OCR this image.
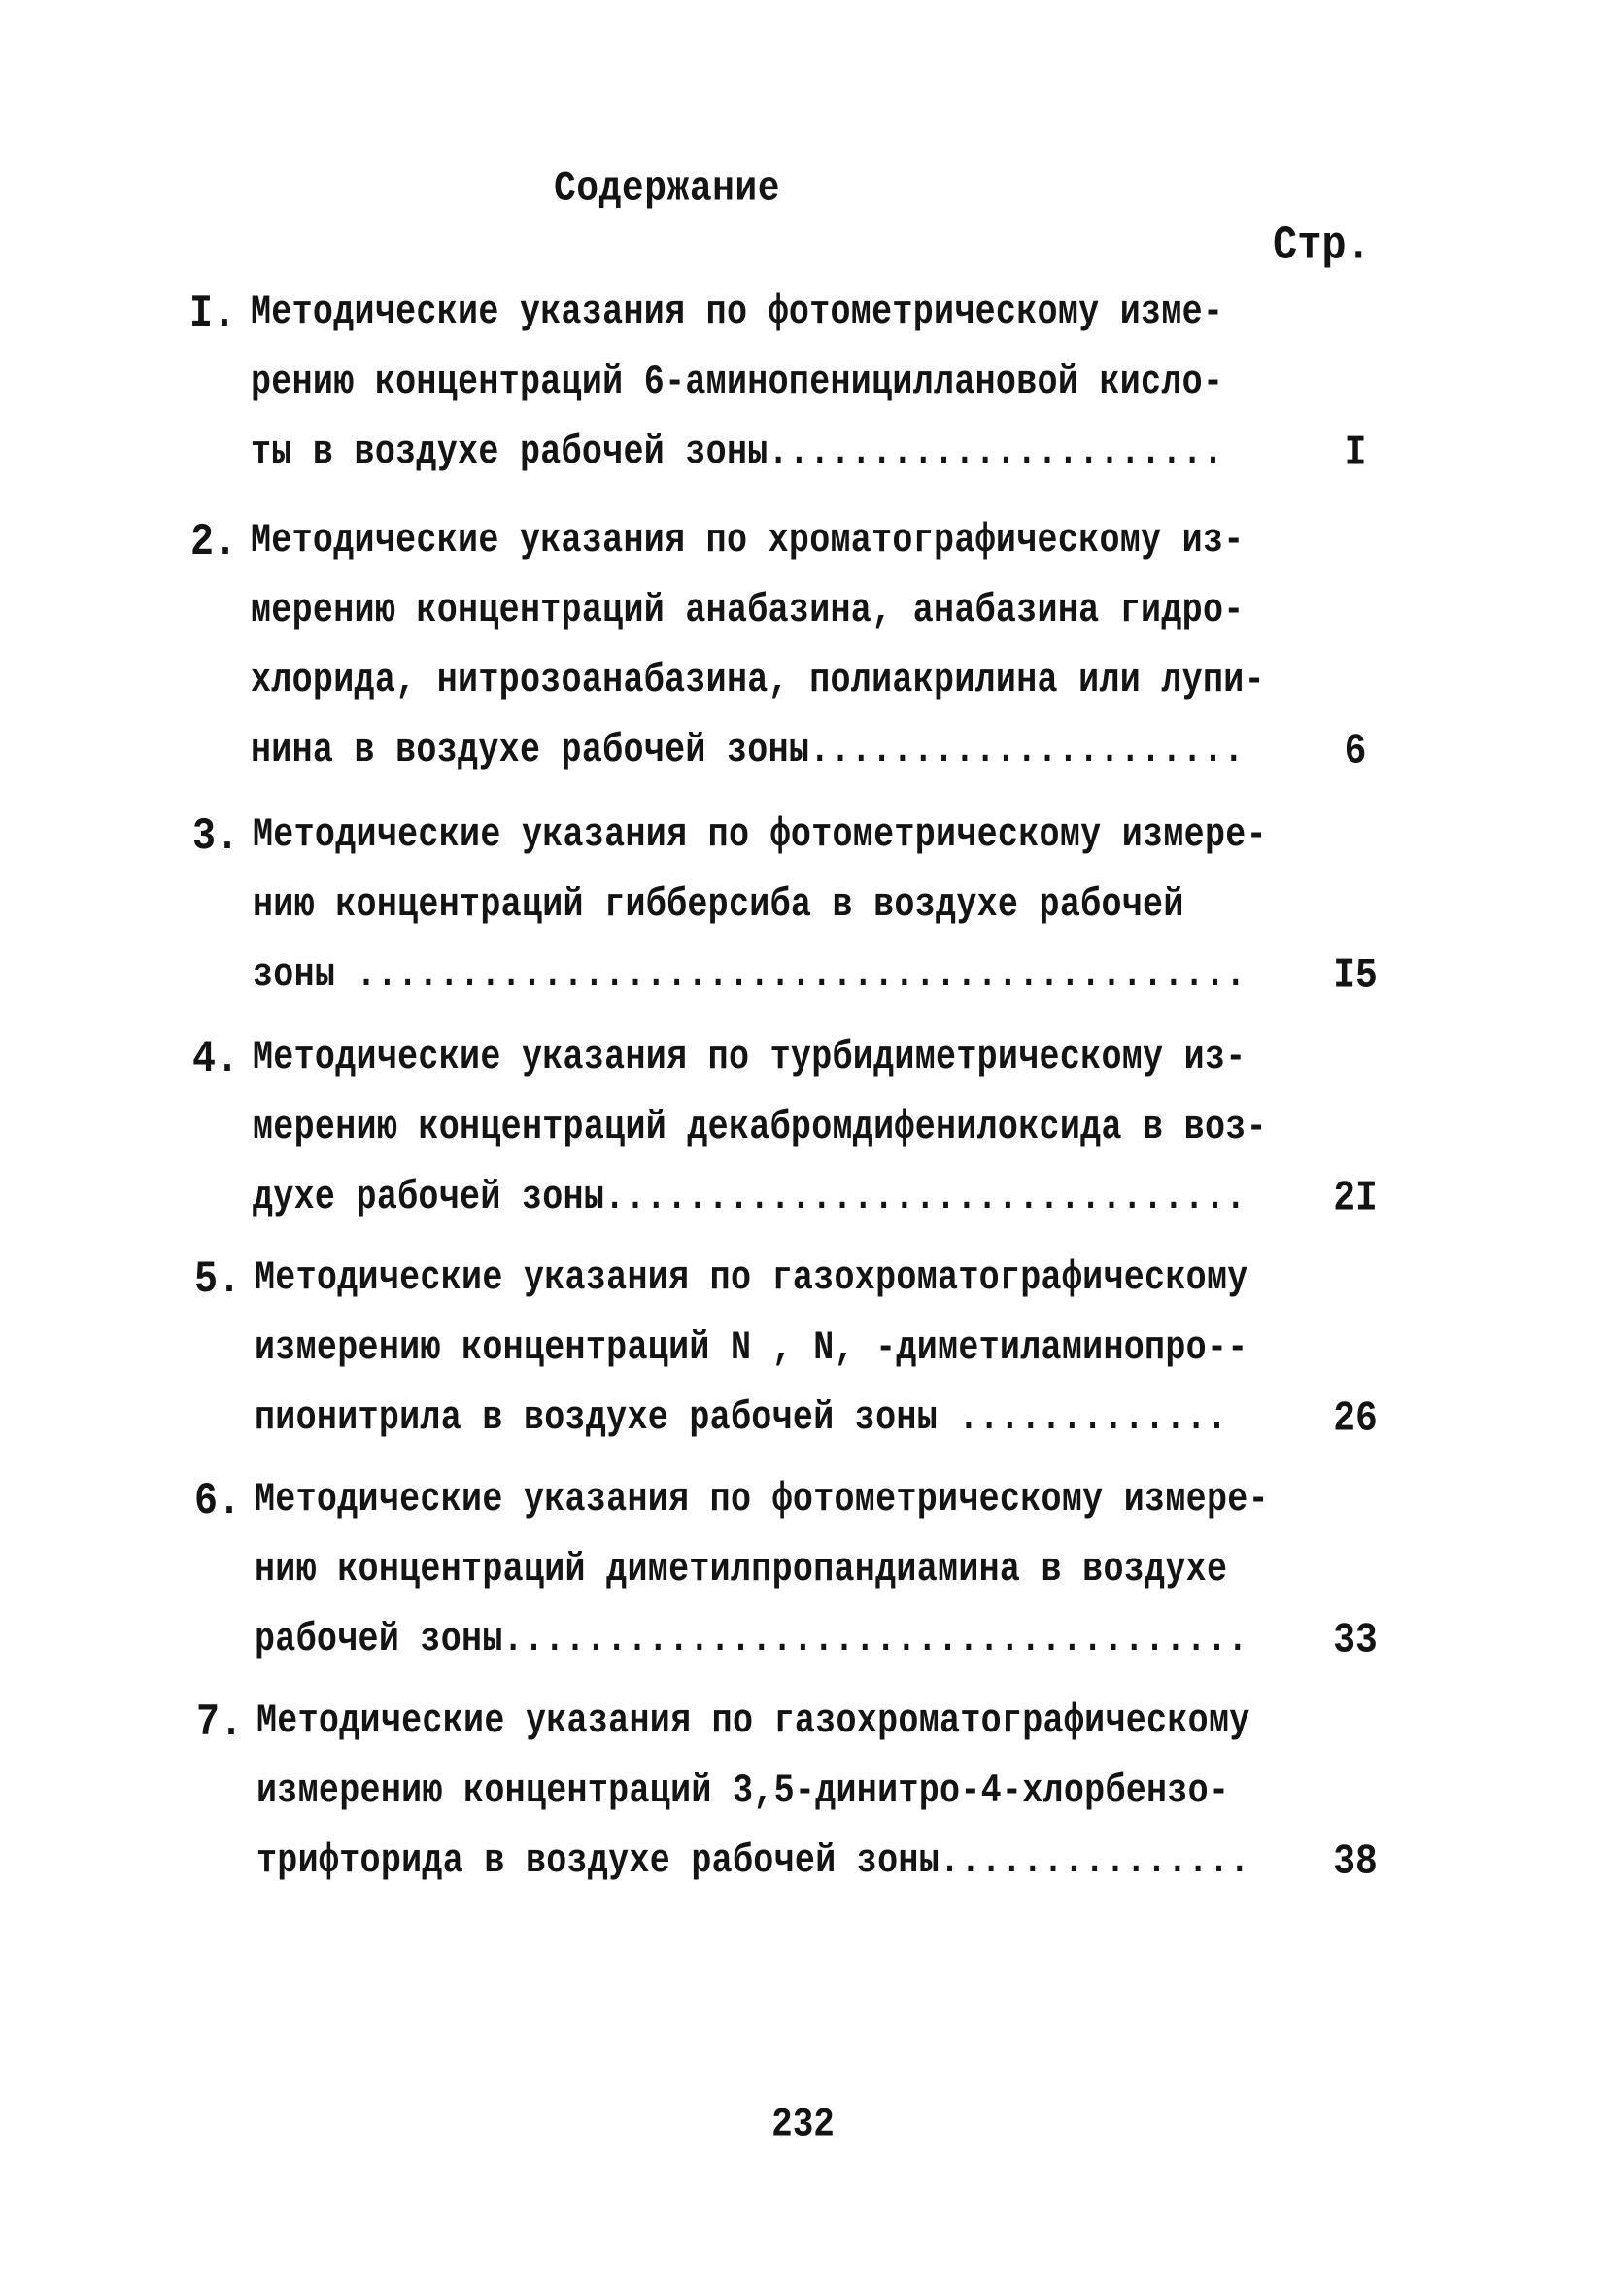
Содержание
Стр.
I. Методические указания по фотометрическому изме-
рению концентраций 6-аминопенициллановой кисло-
ты в воздухе рабочей зоны......................	I
2. Методические указания по хроматографическому из-
мерению концентраций анабазина, анабазина гидро-
хлорида, нитрозоанабазина, полиакрилина или лупи-
нина в воздухе рабочей зоны.....................	6
3. Методические указания по фотометрическому измере-
нию концентраций гибберсиба в воздухе рабочей
зоны ...........................................	I5
4. Методические указания по турбидиметрическому из-
мерению концентраций декабромдифенилоксида в воз-
духе рабочей зоны...............................	2I
5. Методические указания по газохроматографическому
измерению концентраций N , N, -диметиламинопро--
пионитрила в воздухе рабочей зоны .............	26
6. Методические указания по фотометрическому измере-
нию концентраций диметилпропандиамина в воздухе
рабочей зоны....................................	33
7. Методические указания по газохроматографическому
измерению концентраций 3,5-динитро-4-хлорбензо-
трифторида в воздухе рабочей зоны...............	38
232
